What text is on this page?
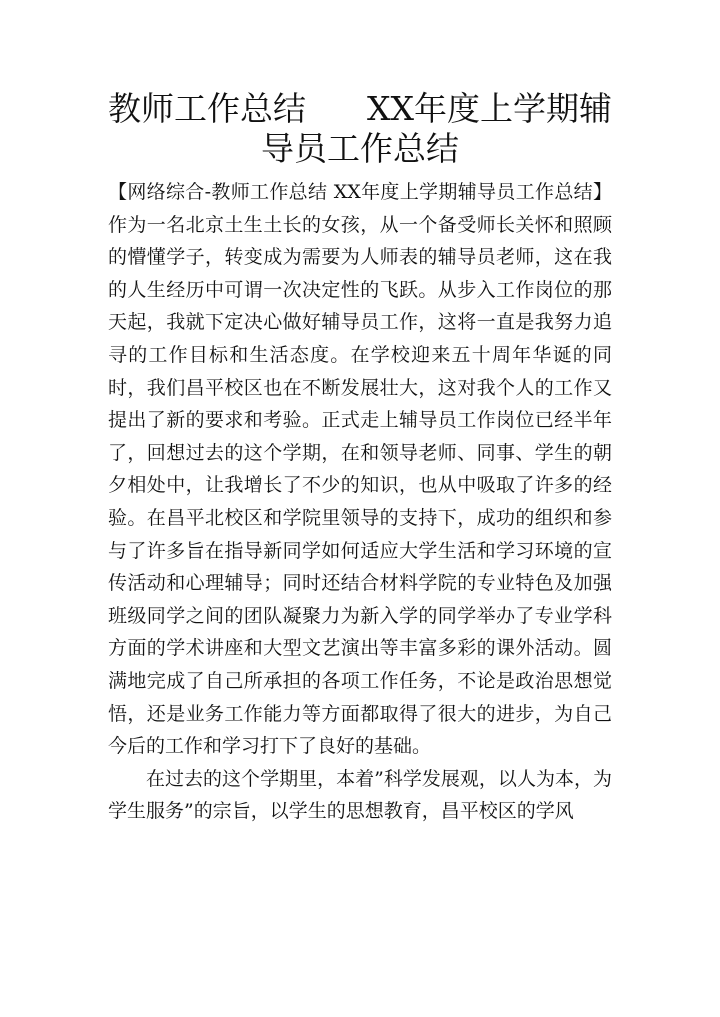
教师工作总结 XX年度上学期辅
导员工作总结

【网络综合-教师工作总结 XX年度上学期辅导员工作总结】作为一名北京土生土长的女孩，从一个备受师长关怀和照顾的懵懂学子，转变成为需要为人师表的辅导员老师，这在我的人生经历中可谓一次决定性的飞跃。从步入工作岗位的那天起，我就下定决心做好辅导员工作，这将一直是我努力追寻的工作目标和生活态度。在学校迎来五十周年华诞的同时，我们昌平校区也在不断发展壮大，这对我个人的工作又提出了新的要求和考验。正式走上辅导员工作岗位已经半年了，回想过去的这个学期，在和领导老师、同事、学生的朝夕相处中，让我增长了不少的知识，也从中吸取了许多的经验。在昌平北校区和学院里领导的支持下，成功的组织和参与了许多旨在指导新同学如何适应大学生活和学习环境的宣传活动和心理辅导；同时还结合材料学院的专业特色及加强班级同学之间的团队凝聚力为新入学的同学举办了专业学科方面的学术讲座和大型文艺演出等丰富多彩的课外活动。圆满地完成了自己所承担的各项工作任务，不论是政治思想觉悟，还是业务工作能力等方面都取得了很大的进步，为自己今后的工作和学习打下了良好的基础。

在过去的这个学期里，本着”科学发展观，以人为本，为学生服务”的宗旨，以学生的思想教育，昌平校区的学风
